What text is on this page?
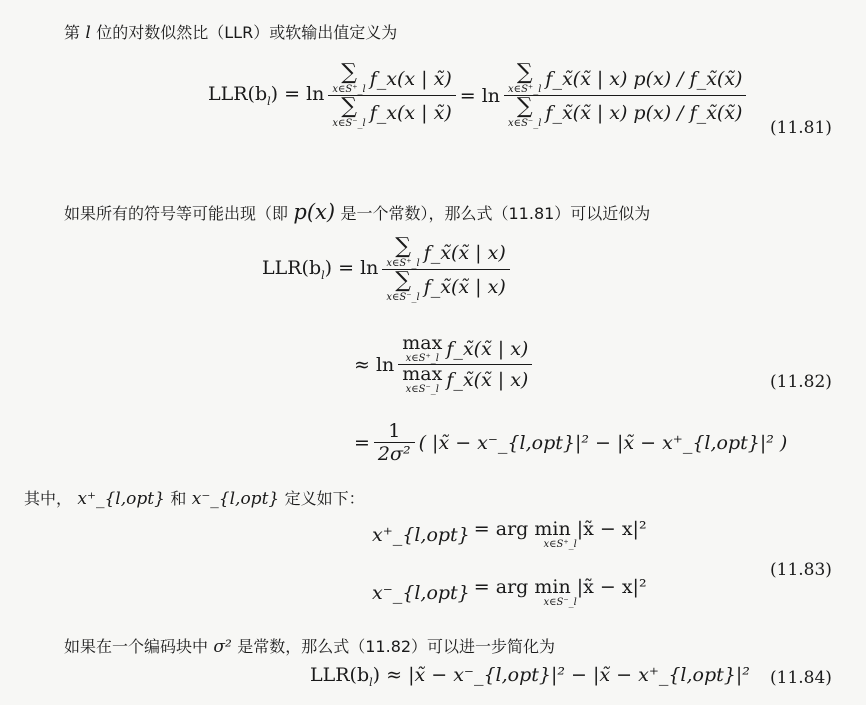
第 l 位的对数似然比（LLR）或软输出值定义为
$LLR(b_l) = \ln$ ∑
x∈S⁺_l f_x(x | x̃)
∑
x∈S⁻_l f_x(x | x̃) = ln ∑
x∈S⁺_l f_x̃(x̃ | x) p(x) / f_x̃(x̃)
∑
x∈S⁻_l f_x̃(x̃ | x) p(x) / f_x̃(x̃) (11.81)
如果所有的符号等可能出现（即 p(x) 是一个常数），那么式（11.81）可以近似为
$LLR(b_l) = \ln$ ∑
x∈S⁺_l f_x̃(x̃ | x)
∑
x∈S⁻_l f_x̃(x̃ | x)
≈ ln max
x∈S⁺_l f_x̃(x̃ | x)
max
x∈S⁻_l f_x̃(x̃ | x)	(11.82)
= $\frac{1}{\text{2σ²}}$ ( |x̃ − x⁻_{l,opt}|² − |x̃ − x⁺_{l,opt}|² )
其中， x⁺_{l,opt} 和 x⁻_{l,opt} 定义如下：
x⁺_{l,opt} = arg min |x̃ − x|²
x∈S⁺_l
x⁻_{l,opt} = arg min |x̃ − x|²
x∈S⁻_l
(11.83)
如果在一个编码块中 σ² 是常数，那么式（11.82）可以进一步简化为
$LLR(b_l)$ ≈ |x̃ − x⁻_{l,opt}|² − |x̃ − x⁺_{l,opt}|² (11.84)
